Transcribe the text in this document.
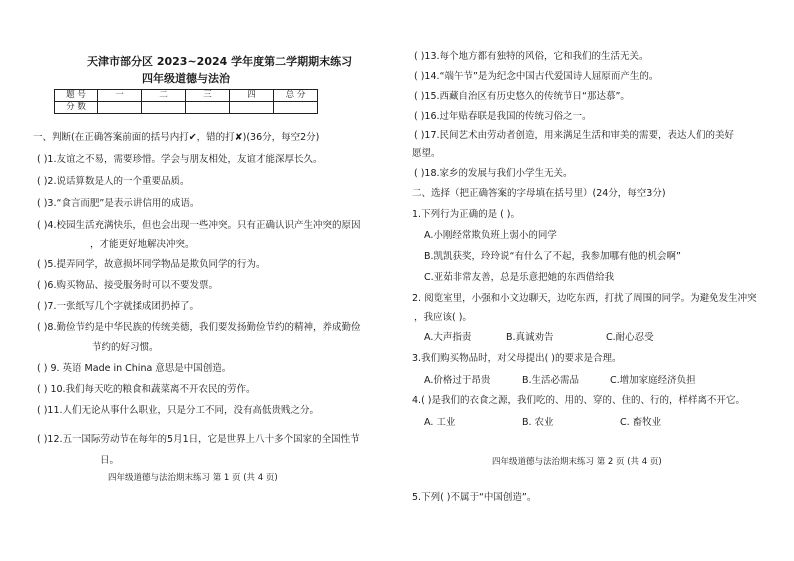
天津市部分区 2023~2024 学年度第二学期期末练习
四年级道德与法治
题 号	一	二	三	四	总 分
分 数					
一、判断(在正确答案前面的括号内打✔，错的打✘)(36分，每空2分)
( )1.友谊之不易，需要珍惜。学会与朋友相处，友谊才能深厚长久。
( )2.说话算数是人的一个重要品质。
( )3.“食言而肥”是表示讲信用的成语。
( )4.校园生活充满快乐，但也会出现一些冲突。只有正确认识产生冲突的原因
，才能更好地解决冲突。
( )5.提弄同学，故意损坏同学物品是欺负同学的行为。
( )6.购买物品、接受服务时可以不要发票。
( )7.一张纸写几个字就揉成团扔掉了。
( )8.勤俭节约是中华民族的传统美德，我们要发扬勤俭节约的精神，养成勤俭
节约的好习惯。
( ) 9. 英语 Made in China 意思是中国创造。
( ) 10.我们每天吃的粮食和蔬菜离不开农民的劳作。
( )11.人们无论从事什么职业，只是分工不同，没有高低贵贱之分。
( )12.五一国际劳动节在每年的5月1日，它是世界上八十多个国家的全国性节
日。
四年级道德与法治期末练习 第 1 页 (共 4 页)
( )13.每个地方都有独特的风俗，它和我们的生活无关。
( )14.“端午节”是为纪念中国古代爱国诗人屈原而产生的。
( )15.西藏自治区有历史悠久的传统节日“那达慕”。
( )16.过年贴春联是我国的传统习俗之一。
( )17.民间艺术由劳动者创造，用来满足生活和审美的需要，表达人们的美好
愿望。
( )18.家乡的发展与我们小学生无关。
二、选择（把正确答案的字母填在括号里）(24分，每空3分)
1.下列行为正确的是 ( )。
A.小刚经常欺负班上弱小的同学
B.凯凯获奖，玲玲说“有什么了不起，我参加哪有他的机会啊”
C.亚茹非常友善，总是乐意把她的东西借给我
2. 阅览室里，小强和小文边聊天，边吃东西，打扰了周围的同学。为避免发生冲突
，我应该( )。
A.大声指责	B.真诚劝告	C.耐心忍受
3.我们购买物品时，对父母提出( )的要求是合理。
A.价格过于昂贵	B.生活必需品	C.增加家庭经济负担
4.( )是我们的衣食之源，我们吃的、用的、穿的、住的、行的，样样离不开它。
A. 工业	B. 农业	C. 畜牧业
四年级道德与法治期末练习 第 2 页 (共 4 页)
5.下列( )不属于“中国创造”。
